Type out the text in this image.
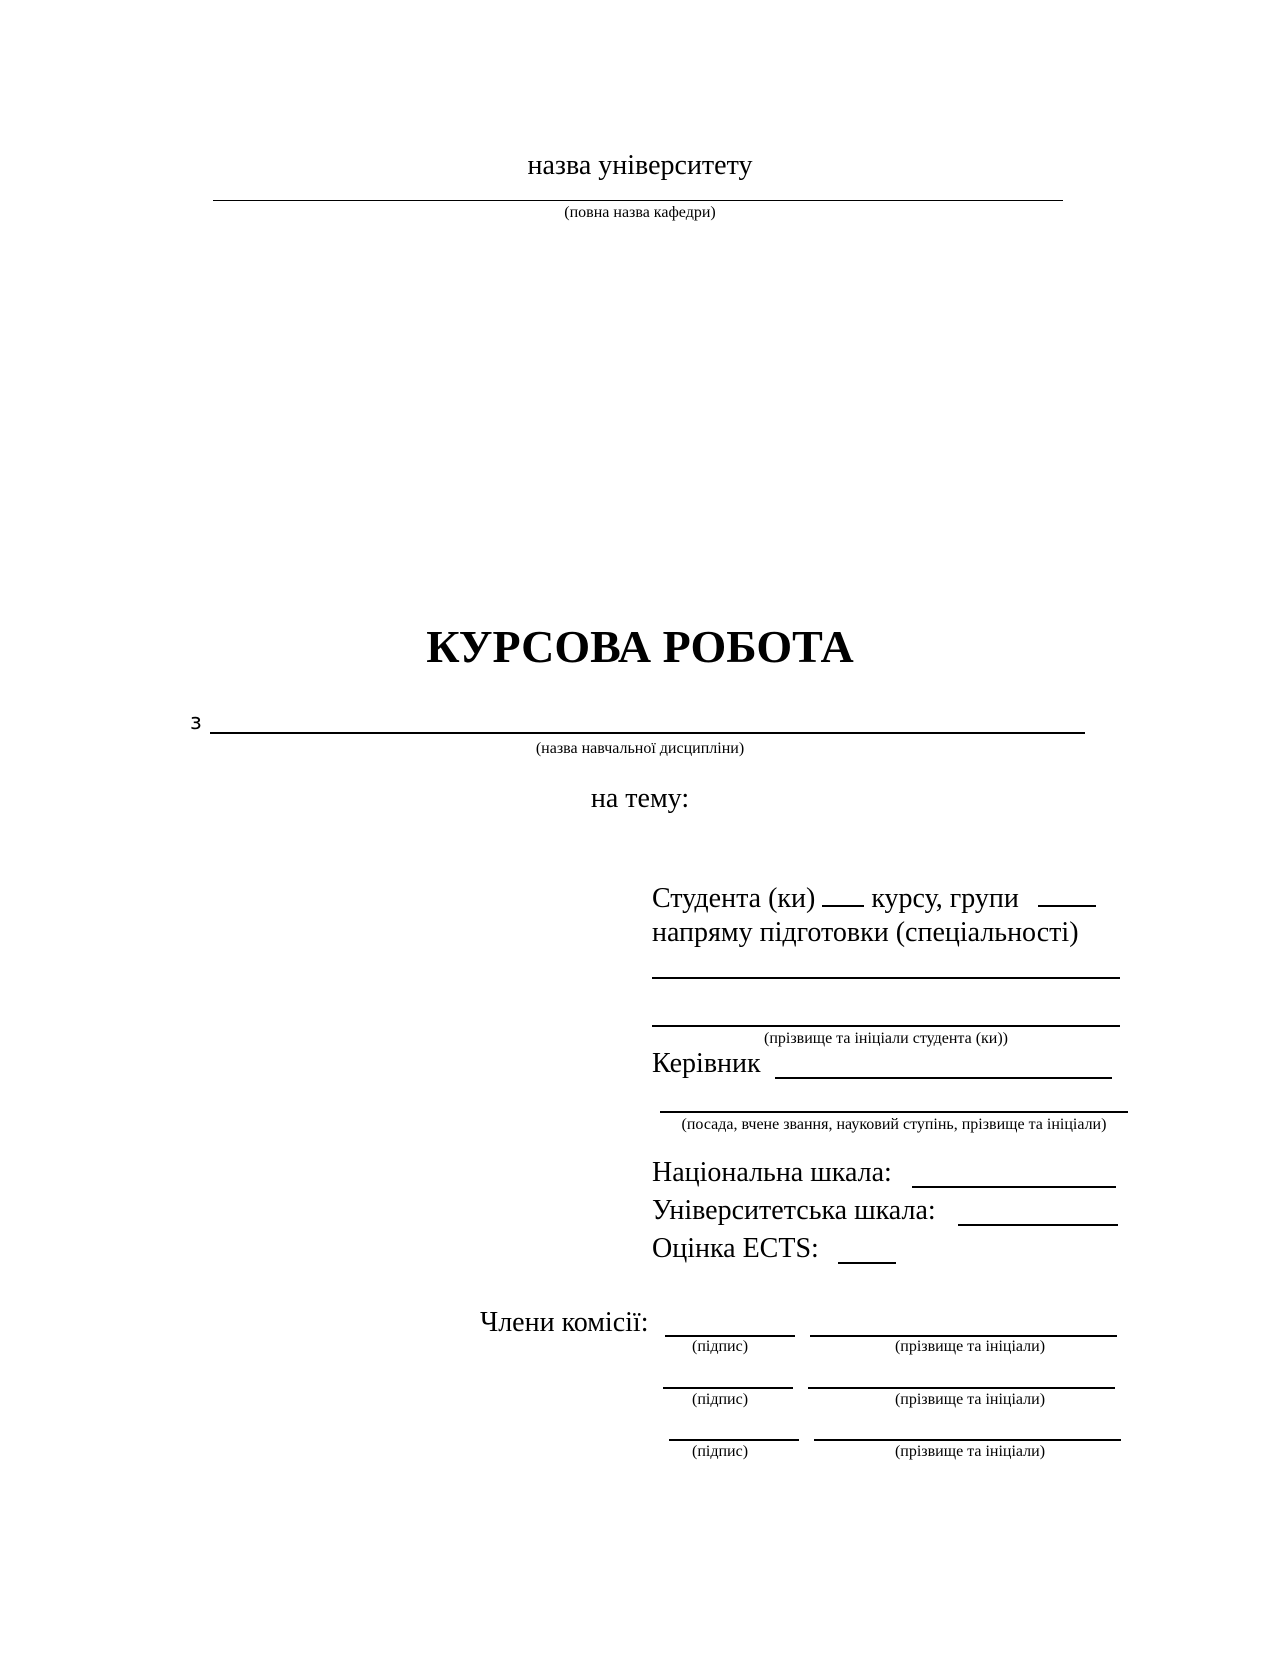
назва університету
(повна назва кафедри)
КУРСОВА РОБОТА
з
(назва навчальної дисципліни)
на тему:
Студента (ки) курсу, групи
напряму підготовки (спеціальності)
(прізвище та ініціали студента (ки))
Керівник
(посада, вчене звання, науковий ступінь, прізвище та ініціали)
Національна шкала:
Університетська шкала:
Оцінка ECTS:
Члени комісії:
(підпис)	(прізвище та ініціали)
(підпис)	(прізвище та ініціали)
(підпис)	(прізвище та ініціали)
